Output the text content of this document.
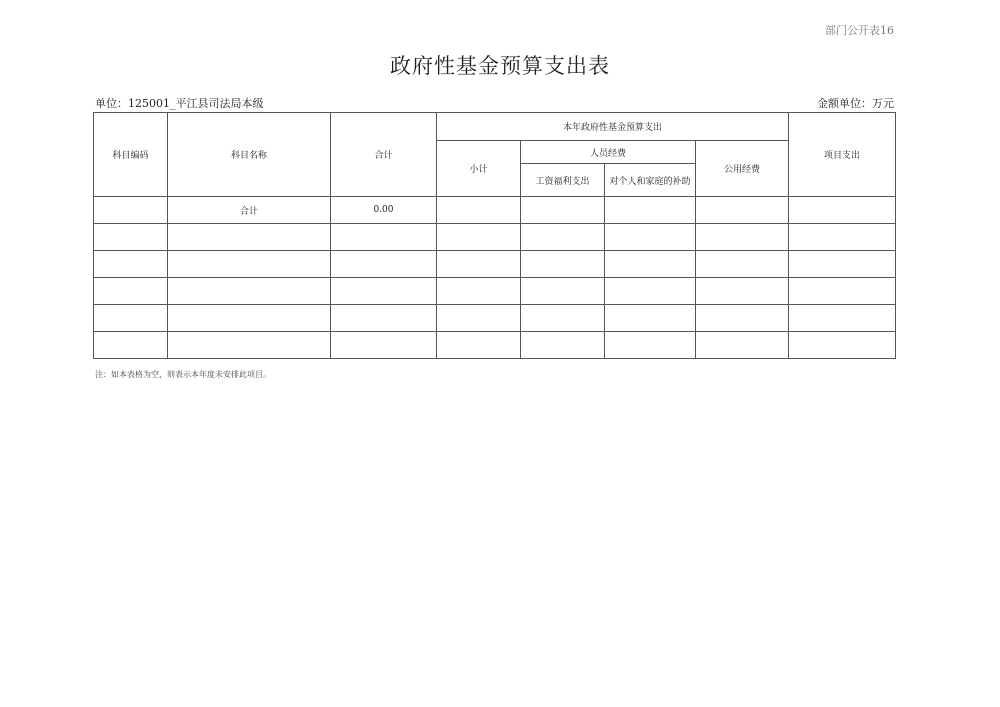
部门公开表16
政府性基金预算支出表
单位：125001_平江县司法局本级	金额单位：万元
科目编码	科目名称	合计	本年政府性基金预算支出				项目支出
			小计	人员经费		公用经费	
				工资福利支出	对个人和家庭的补助		
	合计	0.00					

注：如本表格为空，则表示本年度未安排此项目。
